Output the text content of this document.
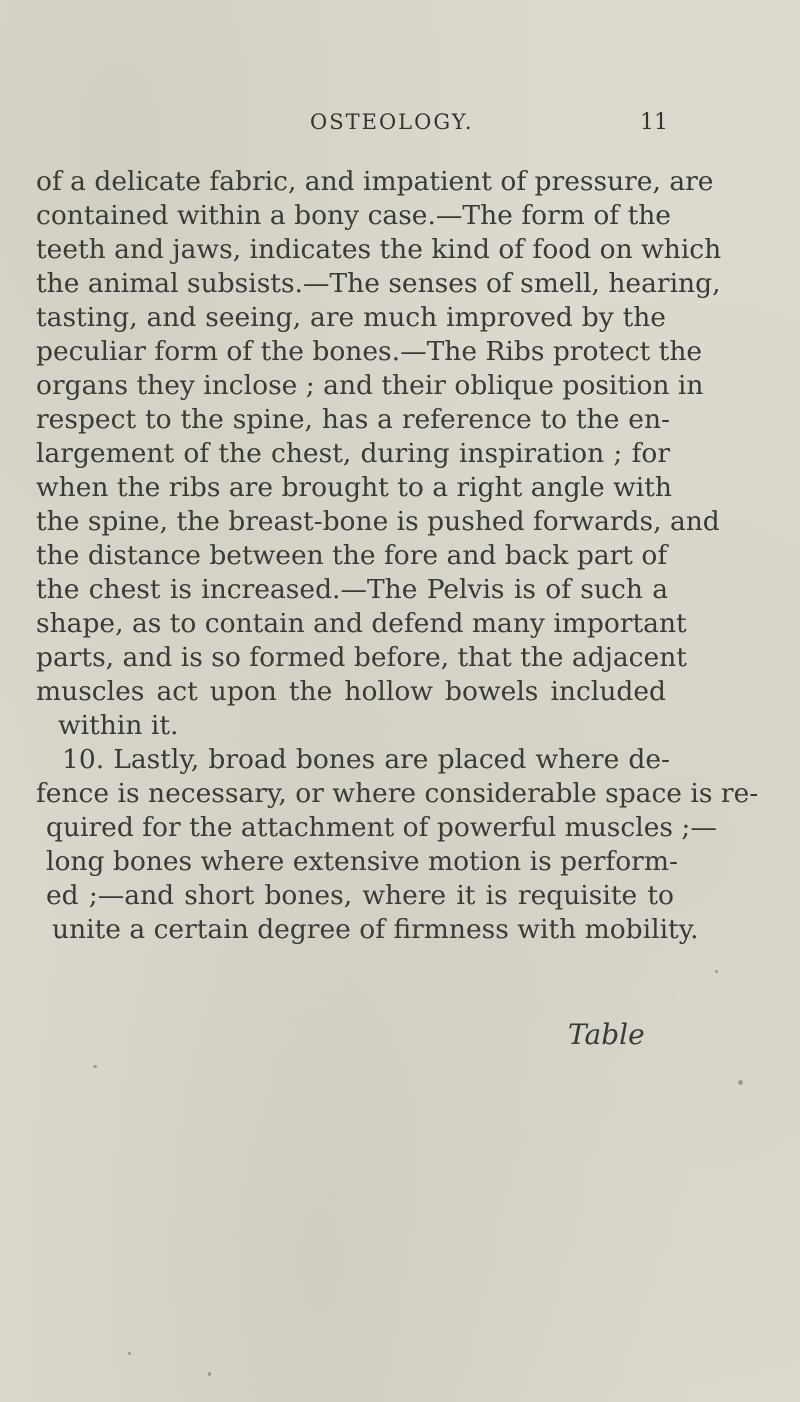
OSTEOLOGY.	11
of a delicate fabric, and impatient of pressure, are
contained within a bony case.—The form of the
teeth and jaws, indicates the kind of food on which
the animal subsists.—The senses of smell, hearing,
tasting, and seeing, are much improved by the
peculiar form of the bones.—The Ribs protect the
organs they inclose ; and their oblique position in
respect to the spine, has a reference to the en-
largement of the chest, during inspiration ; for
when the ribs are brought to a right angle with
the spine, the breast-bone is pushed forwards, and
the distance between the fore and back part of
the chest is increased.—The Pelvis is of such a
shape, as to contain and defend many important
parts, and is so formed before, that the adjacent
muscles act upon the hollow bowels included
within it.
10. Lastly, broad bones are placed where de-
fence is necessary, or where considerable space is re-
quired for the attachment of powerful muscles ;—
long bones where extensive motion is perform-
ed ;—and short bones, where it is requisite to
unite a certain degree of firmness with mobility.
Table
